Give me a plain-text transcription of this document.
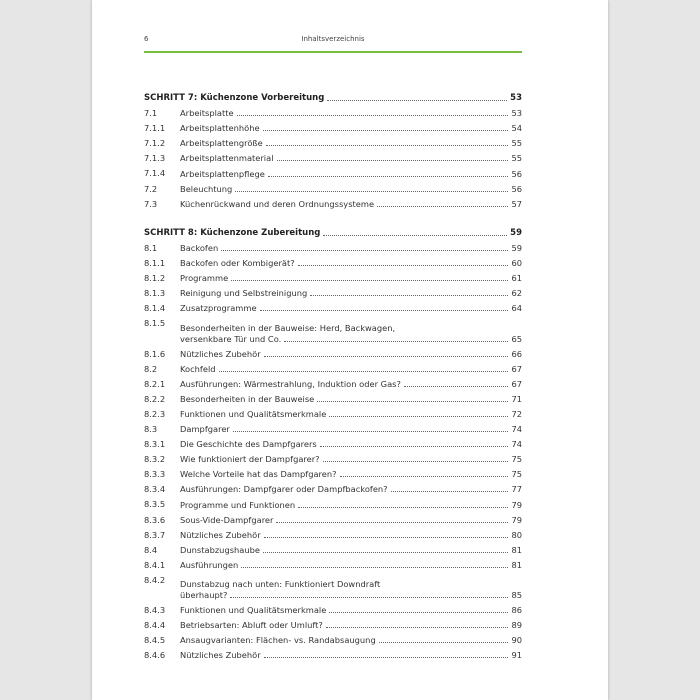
6	Inhaltsverzeichnis
SCHRITT 7: Küchenzone Vorbereitung	53
7.1	Arbeitsplatte	53
7.1.1	Arbeitsplattenhöhe	54
7.1.2	Arbeitsplattengröße	55
7.1.3	Arbeitsplattenmaterial	55
7.1.4	Arbeitsplattenpflege	56
7.2	Beleuchtung	56
7.3	Küchenrückwand und deren Ordnungssysteme	57
SCHRITT 8: Küchenzone Zubereitung	59
8.1	Backofen	59
8.1.1	Backofen oder Kombigerät?	60
8.1.2	Programme	61
8.1.3	Reinigung und Selbstreinigung	62
8.1.4	Zusatzprogramme	64
8.1.5	Besonderheiten in der Bauweise: Herd, Backwagen,
versenkbare Tür und Co.	65
8.1.6	Nützliches Zubehör	66
8.2	Kochfeld	67
8.2.1	Ausführungen: Wärmestrahlung, Induktion oder Gas?	67
8.2.2	Besonderheiten in der Bauweise	71
8.2.3	Funktionen und Qualitätsmerkmale	72
8.3	Dampfgarer	74
8.3.1	Die Geschichte des Dampfgarers	74
8.3.2	Wie funktioniert der Dampfgarer?	75
8.3.3	Welche Vorteile hat das Dampfgaren?	75
8.3.4	Ausführungen: Dampfgarer oder Dampfbackofen?	77
8.3.5	Programme und Funktionen	79
8.3.6	Sous-Vide-Dampfgarer	79
8.3.7	Nützliches Zubehör	80
8.4	Dunstabzugshaube	81
8.4.1	Ausführungen	81
8.4.2	Dunstabzug nach unten: Funktioniert Downdraft
überhaupt?	85
8.4.3	Funktionen und Qualitätsmerkmale	86
8.4.4	Betriebsarten: Abluft oder Umluft?	89
8.4.5	Ansaugvarianten: Flächen- vs. Randabsaugung	90
8.4.6	Nützliches Zubehör	91
